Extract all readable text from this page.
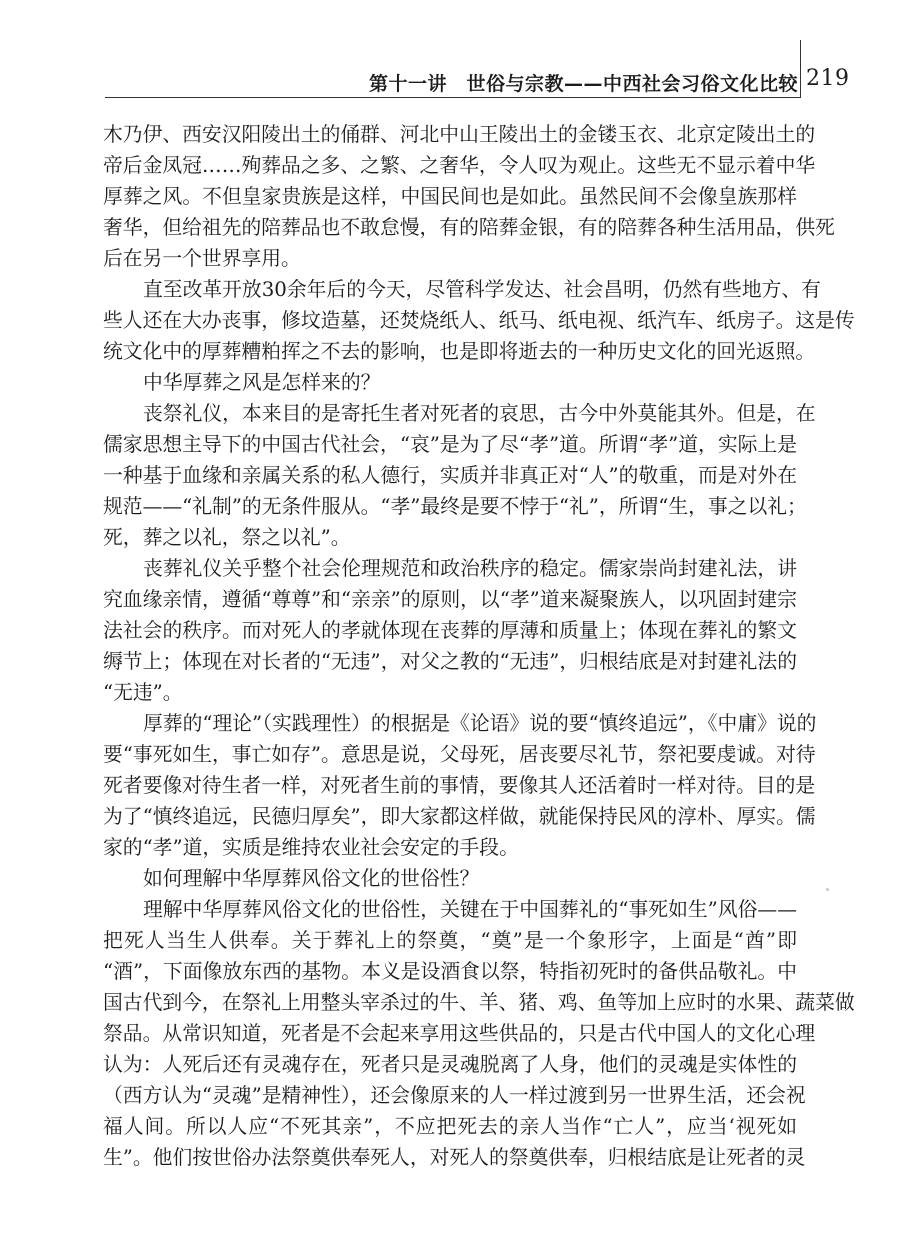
第十一讲　世俗与宗教——中西社会习俗文化比较 219
木乃伊、西安汉阳陵出土的俑群、河北中山王陵出土的金镂玉衣、北京定陵出土的
帝后金凤冠……殉葬品之多、之繁、之奢华，令人叹为观止。这些无不显示着中华
厚葬之风。不但皇家贵族是这样，中国民间也是如此。虽然民间不会像皇族那样
奢华，但给祖先的陪葬品也不敢怠慢，有的陪葬金银，有的陪葬各种生活用品，供死
后在另一个世界享用。
直至改革开放30余年后的今天，尽管科学发达、社会昌明，仍然有些地方、有
些人还在大办丧事，修坟造墓，还焚烧纸人、纸马、纸电视、纸汽车、纸房子。这是传
统文化中的厚葬糟粕挥之不去的影响，也是即将逝去的一种历史文化的回光返照。
中华厚葬之风是怎样来的？
丧祭礼仪，本来目的是寄托生者对死者的哀思，古今中外莫能其外。但是，在
儒家思想主导下的中国古代社会，“哀”是为了尽“孝”道。所谓“孝”道，实际上是
一种基于血缘和亲属关系的私人德行，实质并非真正对“人”的敬重，而是对外在
规范——“礼制”的无条件服从。“孝”最终是要不悖于“礼”，所谓“生，事之以礼；
死，葬之以礼，祭之以礼”。
丧葬礼仪关乎整个社会伦理规范和政治秩序的稳定。儒家崇尚封建礼法，讲
究血缘亲情，遵循“尊尊”和“亲亲”的原则，以“孝”道来凝聚族人，以巩固封建宗
法社会的秩序。而对死人的孝就体现在丧葬的厚薄和质量上；体现在葬礼的繁文
缛节上；体现在对长者的“无违”，对父之教的“无违”，归根结底是对封建礼法的
“无违”。
厚葬的“理论”（实践理性）的根据是《论语》说的要“慎终追远”，《中庸》说的
要“事死如生，事亡如存”。意思是说，父母死，居丧要尽礼节，祭祀要虔诚。对待
死者要像对待生者一样，对死者生前的事情，要像其人还活着时一样对待。目的是
为了“慎终追远，民德归厚矣”，即大家都这样做，就能保持民风的淳朴、厚实。儒
家的“孝”道，实质是维持农业社会安定的手段。
如何理解中华厚葬风俗文化的世俗性？
理解中华厚葬风俗文化的世俗性，关键在于中国葬礼的“事死如生”风俗——
把死人当生人供奉。关于葬礼上的祭奠，“奠”是一个象形字，上面是“酋”即
“酒”，下面像放东西的基物。本义是设酒食以祭，特指初死时的备供品敬礼。中
国古代到今，在祭礼上用整头宰杀过的牛、羊、猪、鸡、鱼等加上应时的水果、蔬菜做
祭品。从常识知道，死者是不会起来享用这些供品的，只是古代中国人的文化心理
认为：人死后还有灵魂存在，死者只是灵魂脱离了人身，他们的灵魂是实体性的
（西方认为“灵魂”是精神性），还会像原来的人一样过渡到另一世界生活，还会祝
福人间。所以人应“不死其亲”，不应把死去的亲人当作“亡人”，应当‘视死如
生”。他们按世俗办法祭奠供奉死人，对死人的祭奠供奉，归根结底是让死者的灵
